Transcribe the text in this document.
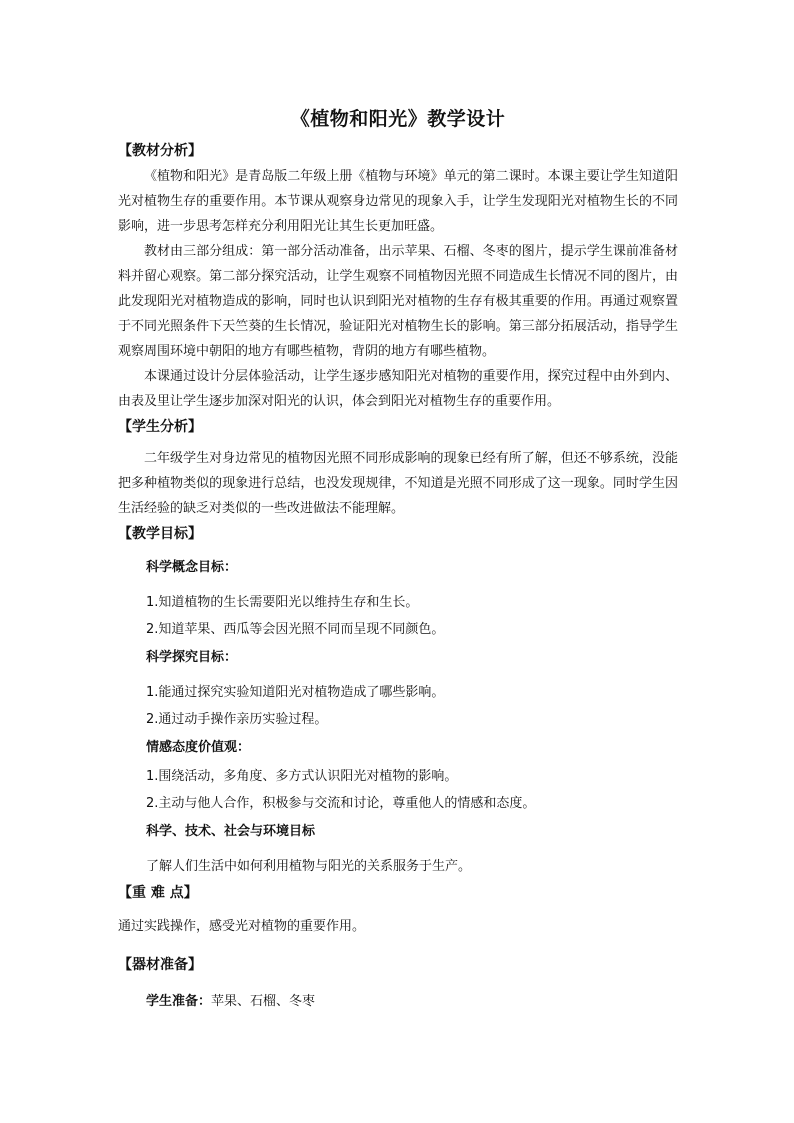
《植物和阳光》教学设计
【教材分析】

《植物和阳光》是青岛版二年级上册《植物与环境》单元的第二课时。本课主要让学生知道阳光对植物生存的重要作用。本节课从观察身边常见的现象入手，让学生发现阳光对植物生长的不同影响，进一步思考怎样充分利用阳光让其生长更加旺盛。

教材由三部分组成：第一部分活动准备，出示苹果、石榴、冬枣的图片，提示学生课前准备材料并留心观察。第二部分探究活动，让学生观察不同植物因光照不同造成生长情况不同的图片，由此发现阳光对植物造成的影响，同时也认识到阳光对植物的生存有极其重要的作用。再通过观察置于不同光照条件下天竺葵的生长情况，验证阳光对植物生长的影响。第三部分拓展活动，指导学生观察周围环境中朝阳的地方有哪些植物，背阴的地方有哪些植物。

本课通过设计分层体验活动，让学生逐步感知阳光对植物的重要作用，探究过程中由外到内、由表及里让学生逐步加深对阳光的认识，体会到阳光对植物生存的重要作用。

【学生分析】

二年级学生对身边常见的植物因光照不同形成影响的现象已经有所了解，但还不够系统，没能把多种植物类似的现象进行总结，也没发现规律，不知道是光照不同形成了这一现象。同时学生因生活经验的缺乏对类似的一些改进做法不能理解。

【教学目标】
科学概念目标：
1.知道植物的生长需要阳光以维持生存和生长。
2.知道苹果、西瓜等会因光照不同而呈现不同颜色。
科学探究目标：
1.能通过探究实验知道阳光对植物造成了哪些影响。
2.通过动手操作亲历实验过程。
情感态度价值观：
1.围绕活动，多角度、多方式认识阳光对植物的影响。
2.主动与他人合作，积极参与交流和讨论，尊重他人的情感和态度。
科学、技术、社会与环境目标
了解人们生活中如何利用植物与阳光的关系服务于生产。
【重 难 点】
通过实践操作，感受光对植物的重要作用。
【器材准备】
学生准备：苹果、石榴、冬枣
